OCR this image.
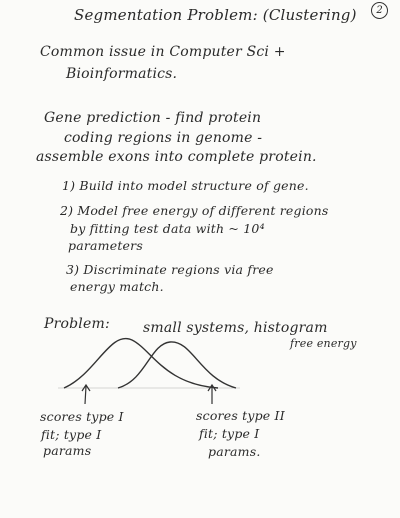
Segmentation Problem: (Clustering)	2
Common issue in Computer Sci +
Bioinformatics.
Gene prediction - find protein
coding regions in genome -
assemble exons into complete protein.
1) Build into model structure of gene.
2) Model free energy of different regions
by fitting test data with ~ 10⁴
parameters
3) Discriminate regions via free
energy match.
Problem: small systems, histogram
free energy
scores type I
fit; type I
params
scores type II
fit; type I
params.
